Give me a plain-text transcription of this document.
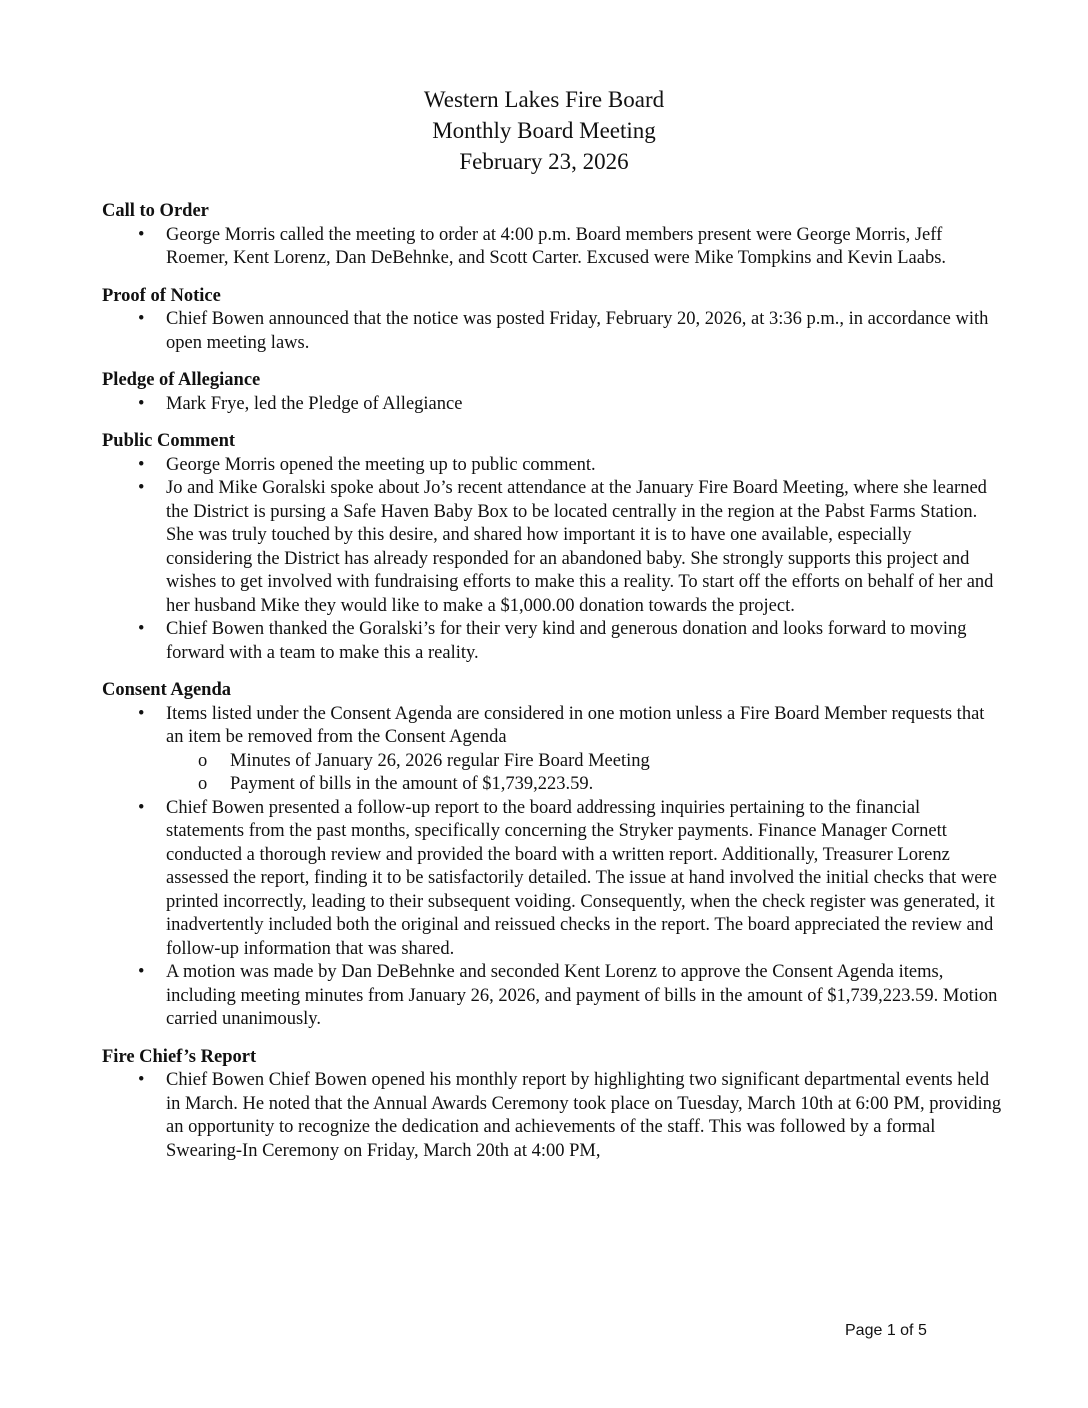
Western Lakes Fire Board
Monthly Board Meeting
February 23, 2026
Call to Order
• George Morris called the meeting to order at 4:00 p.m. Board members present were George Morris, Jeff Roemer, Kent Lorenz, Dan DeBehnke, and Scott Carter. Excused were Mike Tompkins and Kevin Laabs.
Proof of Notice
• Chief Bowen announced that the notice was posted Friday, February 20, 2026, at 3:36 p.m., in accordance with open meeting laws.
Pledge of Allegiance
• Mark Frye, led the Pledge of Allegiance
Public Comment
• George Morris opened the meeting up to public comment.
• Jo and Mike Goralski spoke about Jo’s recent attendance at the January Fire Board Meeting, where she learned the District is pursing a Safe Haven Baby Box to be located centrally in the region at the Pabst Farms Station. She was truly touched by this desire, and shared how important it is to have one available, especially considering the District has already responded for an abandoned baby. She strongly supports this project and wishes to get involved with fundraising efforts to make this a reality. To start off the efforts on behalf of her and her husband Mike they would like to make a $1,000.00 donation towards the project.
• Chief Bowen thanked the Goralski’s for their very kind and generous donation and looks forward to moving forward with a team to make this a reality.
Consent Agenda
• Items listed under the Consent Agenda are considered in one motion unless a Fire Board Member requests that an item be removed from the Consent Agenda
o Minutes of January 26, 2026 regular Fire Board Meeting
o Payment of bills in the amount of $1,739,223.59.
• Chief Bowen presented a follow-up report to the board addressing inquiries pertaining to the financial statements from the past months, specifically concerning the Stryker payments. Finance Manager Cornett conducted a thorough review and provided the board with a written report. Additionally, Treasurer Lorenz assessed the report, finding it to be satisfactorily detailed. The issue at hand involved the initial checks that were printed incorrectly, leading to their subsequent voiding. Consequently, when the check register was generated, it inadvertently included both the original and reissued checks in the report. The board appreciated the review and follow-up information that was shared.
• A motion was made by Dan DeBehnke and seconded Kent Lorenz to approve the Consent Agenda items, including meeting minutes from January 26, 2026, and payment of bills in the amount of $1,739,223.59. Motion carried unanimously.
Fire Chief’s Report
• Chief Bowen Chief Bowen opened his monthly report by highlighting two significant departmental events held in March. He noted that the Annual Awards Ceremony took place on Tuesday, March 10th at 6:00 PM, providing an opportunity to recognize the dedication and achievements of the staff. This was followed by a formal Swearing-In Ceremony on Friday, March 20th at 4:00 PM,
Page 1 of 5
